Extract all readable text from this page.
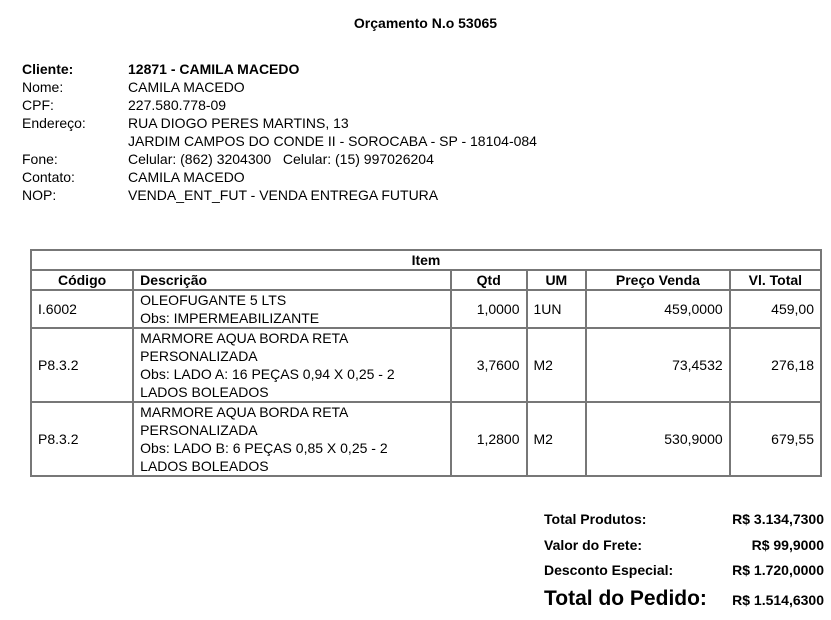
Orçamento N.o 53065
Cliente:	12871 - CAMILA MACEDO
Nome:	CAMILA MACEDO
CPF:	227.580.778-09
Endereço:	RUA DIOGO PERES MARTINS, 13
JARDIM CAMPOS DO CONDE II - SOROCABA - SP - 18104-084
Fone:	Celular: (862) 3204300   Celular: (15) 997026204
Contato:	CAMILA MACEDO
NOP:	VENDA_ENT_FUT - VENDA ENTREGA FUTURA
Item					
Código	Descrição	Qtd	UM	Preço Venda	Vl. Total
I.6002	OLEOFUGANTE 5 LTS
Obs: IMPERMEABILIZANTE	1,0000	1UN	459,0000	459,00
P8.3.2	MARMORE AQUA BORDA RETA
PERSONALIZADA
Obs: LADO A: 16 PEÇAS 0,94 X 0,25 - 2
LADOS BOLEADOS	3,7600	M2	73,4532	276,18
P8.3.2	MARMORE AQUA BORDA RETA
PERSONALIZADA
Obs: LADO B: 6 PEÇAS 0,85 X 0,25 - 2
LADOS BOLEADOS	1,2800	M2	530,9000	679,55
Total Produtos:	R$ 3.134,7300
Valor do Frete:	R$ 99,9000
Desconto Especial:	R$ 1.720,0000
Total do Pedido: R$ 1.514,6300
